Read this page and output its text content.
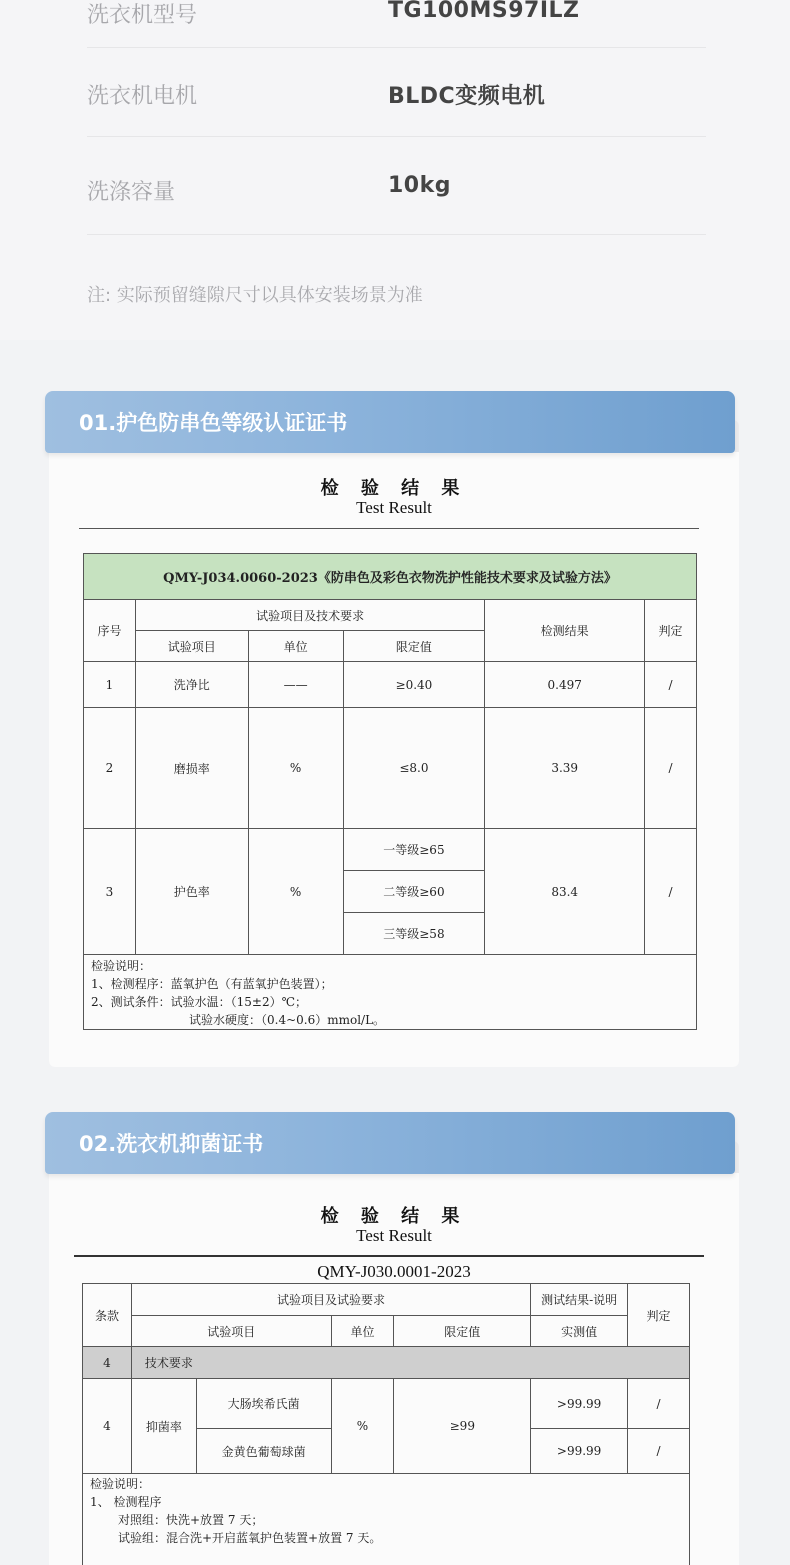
洗衣机型号	TG100MS97ILZ
洗衣机电机	BLDC变频电机
洗涤容量	10kg
注: 实际预留缝隙尺寸以具体安装场景为准
检 验 结 果
Test Result
QMY-J034.0060-2023《防串色及彩色衣物洗护性能技术要求及试验方法》					
序号	试验项目及技术要求			检测结果	判定
	试验项目	单位	限定值		
1	洗净比	——	≥0.40	0.497	/
2	磨损率	%	≤8.0	3.39	/
3	护色率	%	一等级≥65	83.4	/
			二等级≥60		
			三等级≥58		

检验说明：
1、检测程序：蓝氧护色（有蓝氧护色装置）；
2、测试条件：试验水温：（15±2）℃；
试验水硬度：（0.4~0.6）mmol/L。					
01.护色防串色等级认证证书
检 验 结 果
Test Result
QMY-J030.0001-2023
条款	试验项目及试验要求				测试结果-说明	判定
	试验项目		单位	限定值	实测值	
4	技术要求					
4	抑菌率	大肠埃希氏菌	%	≥99	>99.99	/
		金黄色葡萄球菌			>99.99	/

检验说明：
1、 检测程序
对照组：快洗+放置 7 天；
试验组：混合洗+开启蓝氧护色装置+放置 7 天。						
02.洗衣机抑菌证书
